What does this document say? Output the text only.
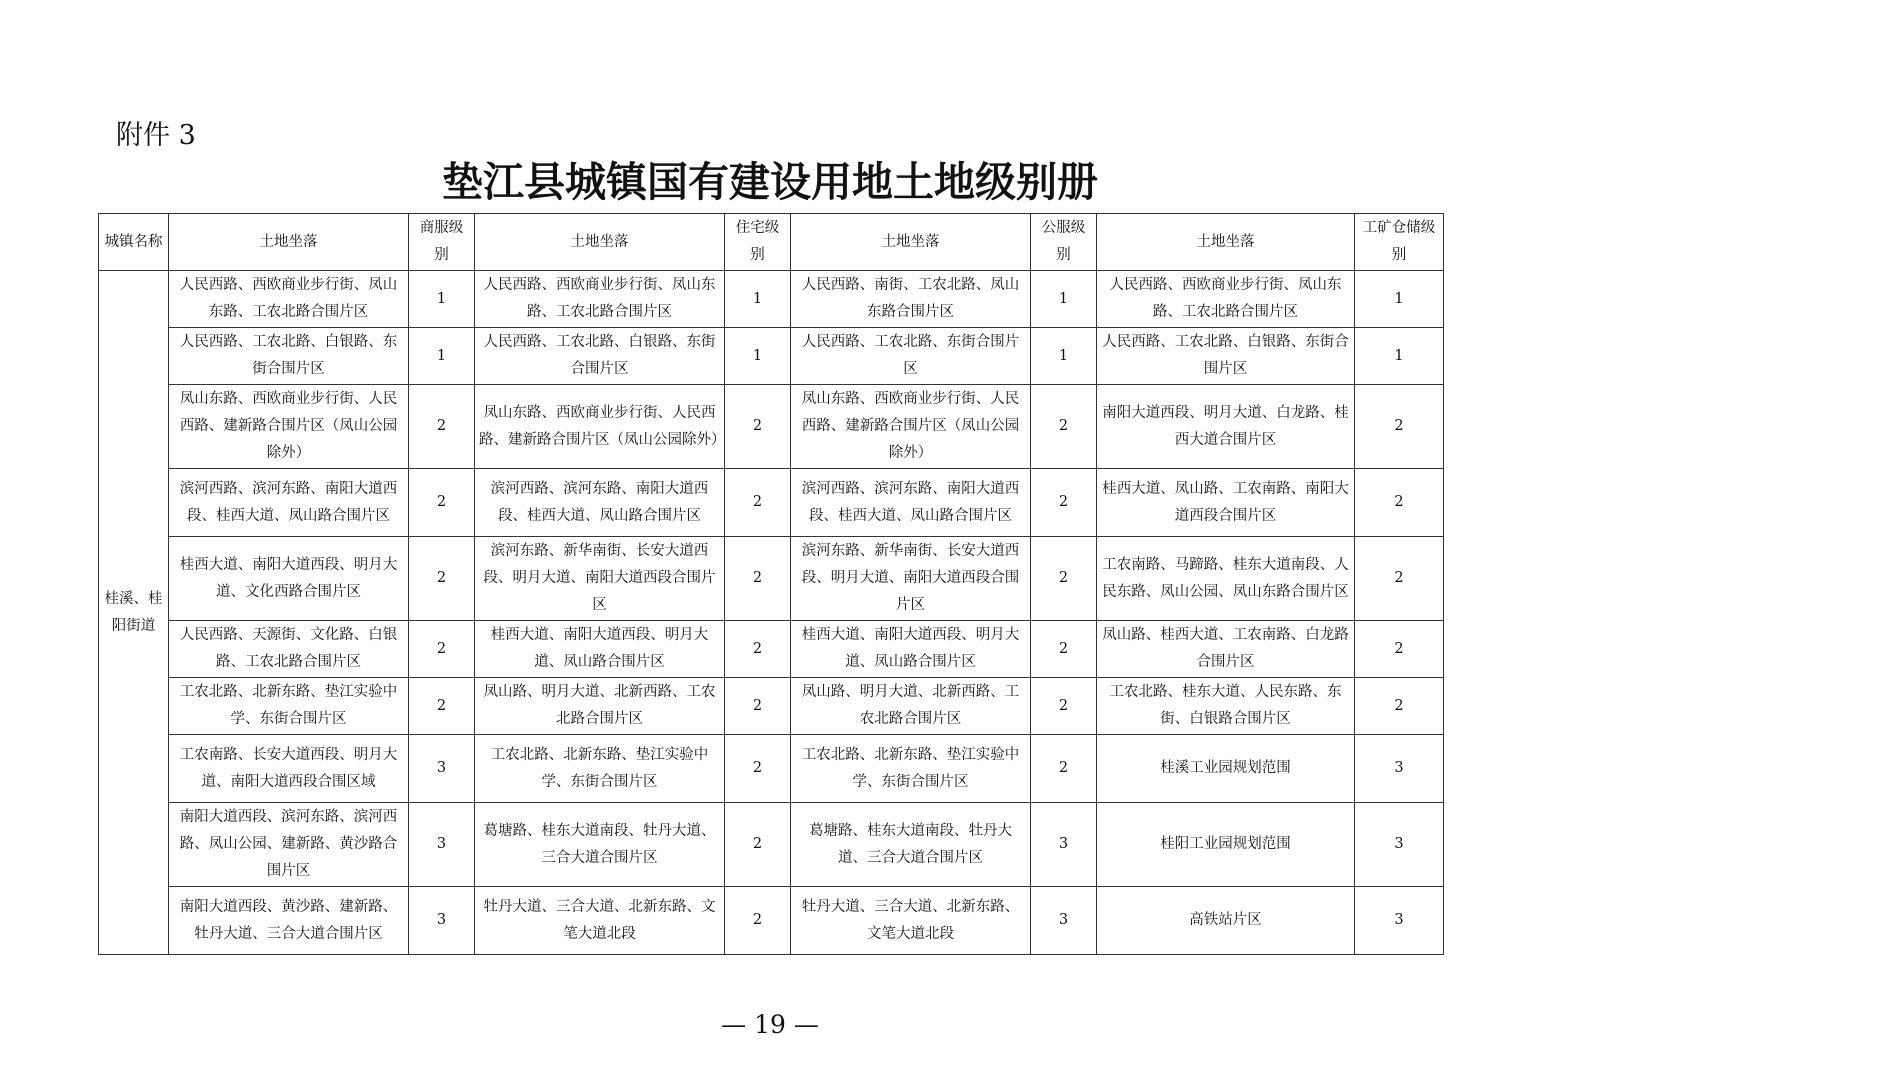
附件 3
垫江县城镇国有建设用地土地级别册
城镇名称	土地坐落	商服级别	土地坐落	住宅级别	土地坐落	公服级别	土地坐落	工矿仓储级别
桂溪、桂阳街道	人民西路、西欧商业步行街、凤山东路、工农北路合围片区	1	人民西路、西欧商业步行街、凤山东路、工农北路合围片区	1	人民西路、南街、工农北路、凤山东路合围片区	1	人民西路、西欧商业步行街、凤山东路、工农北路合围片区	1
	人民西路、工农北路、白银路、东街合围片区	1	人民西路、工农北路、白银路、东街合围片区	1	人民西路、工农北路、东街合围片区	1	人民西路、工农北路、白银路、东街合围片区	1
	凤山东路、西欧商业步行街、人民西路、建新路合围片区（凤山公园除外）	2	凤山东路、西欧商业步行街、人民西路、建新路合围片区（凤山公园除外）	2	凤山东路、西欧商业步行街、人民西路、建新路合围片区（凤山公园除外）	2	南阳大道西段、明月大道、白龙路、桂西大道合围片区	2
	滨河西路、滨河东路、南阳大道西段、桂西大道、凤山路合围片区	2	滨河西路、滨河东路、南阳大道西段、桂西大道、凤山路合围片区	2	滨河西路、滨河东路、南阳大道西段、桂西大道、凤山路合围片区	2	桂西大道、凤山路、工农南路、南阳大道西段合围片区	2
	桂西大道、南阳大道西段、明月大道、文化西路合围片区	2	滨河东路、新华南街、长安大道西段、明月大道、南阳大道西段合围片区	2	滨河东路、新华南街、长安大道西段、明月大道、南阳大道西段合围片区	2	工农南路、马蹄路、桂东大道南段、人民东路、凤山公园、凤山东路合围片区	2
	人民西路、天源街、文化路、白银路、工农北路合围片区	2	桂西大道、南阳大道西段、明月大道、凤山路合围片区	2	桂西大道、南阳大道西段、明月大道、凤山路合围片区	2	凤山路、桂西大道、工农南路、白龙路合围片区	2
	工农北路、北新东路、垫江实验中学、东街合围片区	2	凤山路、明月大道、北新西路、工农北路合围片区	2	凤山路、明月大道、北新西路、工农北路合围片区	2	工农北路、桂东大道、人民东路、东街、白银路合围片区	2
	工农南路、长安大道西段、明月大道、南阳大道西段合围区域	3	工农北路、北新东路、垫江实验中学、东街合围片区	2	工农北路、北新东路、垫江实验中学、东街合围片区	2	桂溪工业园规划范围	3
	南阳大道西段、滨河东路、滨河西路、凤山公园、建新路、黄沙路合围片区	3	葛塘路、桂东大道南段、牡丹大道、三合大道合围片区	2	葛塘路、桂东大道南段、牡丹大道、三合大道合围片区	3	桂阳工业园规划范围	3
	南阳大道西段、黄沙路、建新路、牡丹大道、三合大道合围片区	3	牡丹大道、三合大道、北新东路、文笔大道北段	2	牡丹大道、三合大道、北新东路、文笔大道北段	3	高铁站片区	3
— 19 —
